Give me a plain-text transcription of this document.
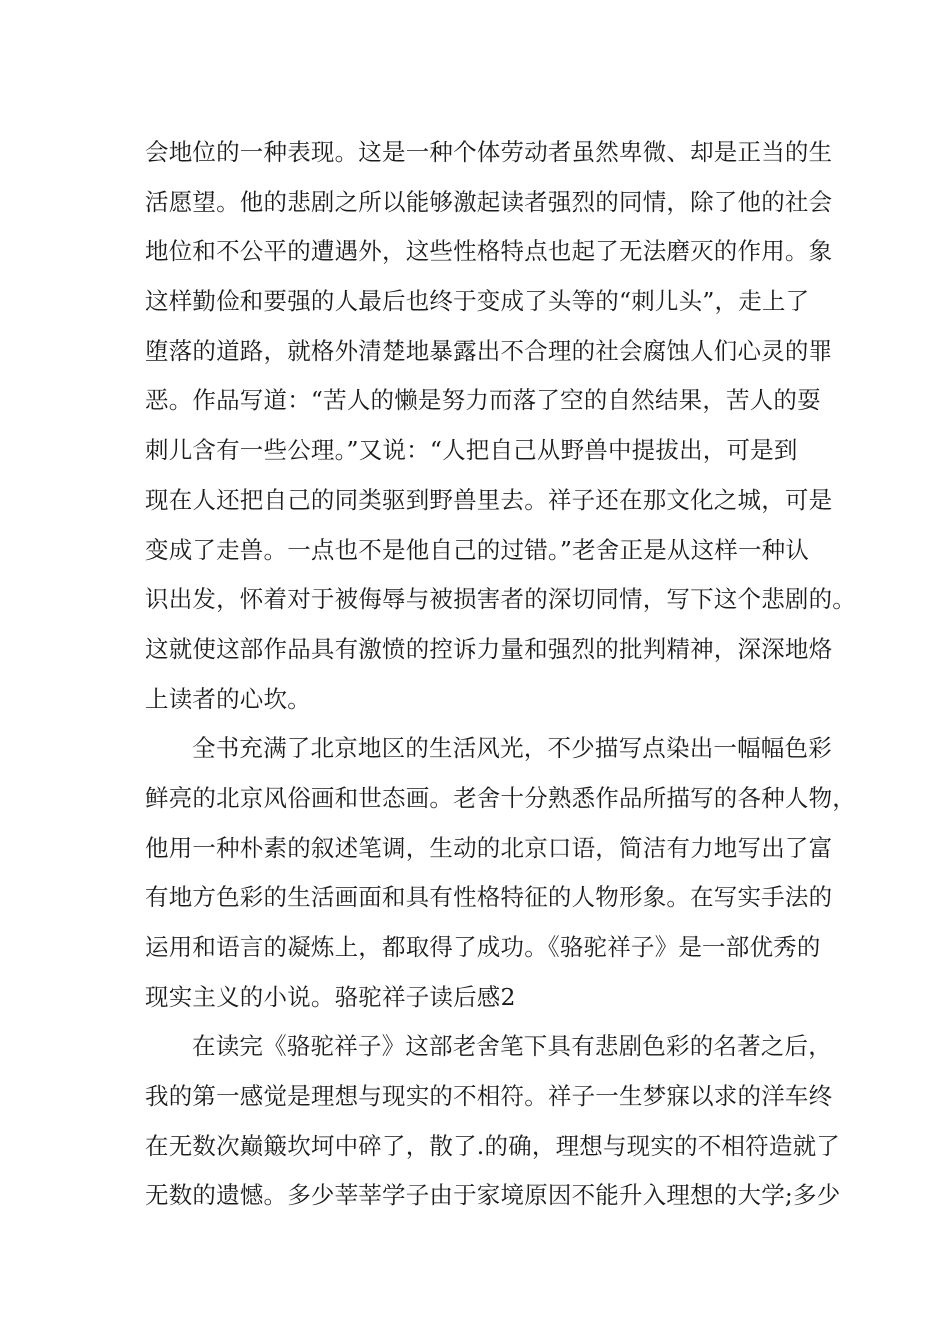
会地位的一种表现。这是一种个体劳动者虽然卑微、却是正当的生
活愿望。他的悲剧之所以能够激起读者强烈的同情，除了他的社会
地位和不公平的遭遇外，这些性格特点也起了无法磨灭的作用。象
这样勤俭和要强的人最后也终于变成了头等的“刺儿头”，走上了
堕落的道路，就格外清楚地暴露出不合理的社会腐蚀人们心灵的罪
恶。作品写道：“苦人的懒是努力而落了空的自然结果，苦人的耍
刺儿含有一些公理。”又说：“人把自己从野兽中提拔出，可是到
现在人还把自己的同类驱到野兽里去。祥子还在那文化之城，可是
变成了走兽。一点也不是他自己的过错。”老舍正是从这样一种认
识出发，怀着对于被侮辱与被损害者的深切同情，写下这个悲剧的。
这就使这部作品具有激愤的控诉力量和强烈的批判精神，深深地烙
上读者的心坎。
全书充满了北京地区的生活风光，不少描写点染出一幅幅色彩
鲜亮的北京风俗画和世态画。老舍十分熟悉作品所描写的各种人物，
他用一种朴素的叙述笔调，生动的北京口语，简洁有力地写出了富
有地方色彩的生活画面和具有性格特征的人物形象。在写实手法的
运用和语言的凝炼上，都取得了成功。《骆驼祥子》是一部优秀的
现实主义的小说。骆驼祥子读后感2
在读完《骆驼祥子》这部老舍笔下具有悲剧色彩的名著之后，
我的第一感觉是理想与现实的不相符。祥子一生梦寐以求的洋车终
在无数次巅簸坎坷中碎了，散了.的确，理想与现实的不相符造就了
无数的遗憾。多少莘莘学子由于家境原因不能升入理想的大学;多少
